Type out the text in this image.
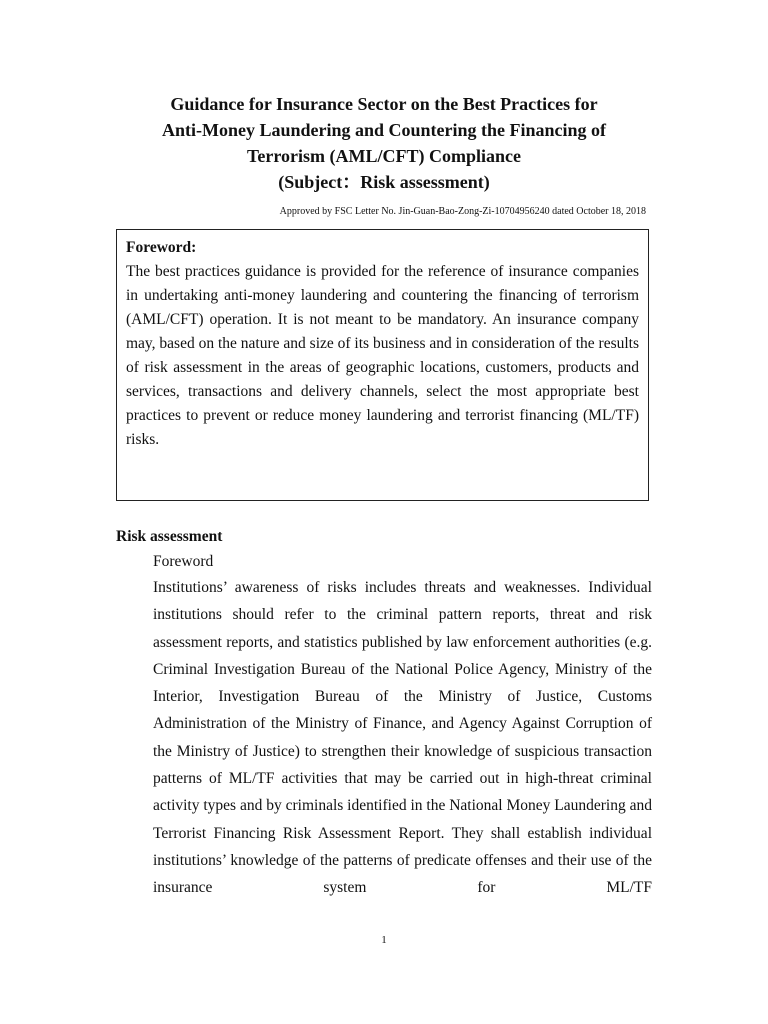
Guidance for Insurance Sector on the Best Practices for
Anti-Money Laundering and Countering the Financing of
Terrorism (AML/CFT) Compliance
(Subject：Risk assessment)
Approved by FSC Letter No. Jin-Guan-Bao-Zong-Zi-10704956240 dated October 18, 2018
Foreword:
The best practices guidance is provided for the reference of insurance companies in undertaking anti-money laundering and countering the financing of terrorism (AML/CFT) operation. It is not meant to be mandatory. An insurance company may, based on the nature and size of its business and in consideration of the results of risk assessment in the areas of geographic locations, customers, products and services, transactions and delivery channels, select the most appropriate best practices to prevent or reduce money laundering and terrorist financing (ML/TF) risks.
Risk assessment
Foreword
Institutions’ awareness of risks includes threats and weaknesses. Individual institutions should refer to the criminal pattern reports, threat and risk assessment reports, and statistics published by law enforcement authorities (e.g. Criminal Investigation Bureau of the National Police Agency, Ministry of the Interior, Investigation Bureau of the Ministry of Justice, Customs Administration of the Ministry of Finance, and Agency Against Corruption of the Ministry of Justice) to strengthen their knowledge of suspicious transaction patterns of ML/TF activities that may be carried out in high-threat criminal activity types and by criminals identified in the National Money Laundering and Terrorist Financing Risk Assessment Report. They shall establish individual institutions’ knowledge of the patterns of predicate offenses and their use of the insurance system for ML/TF
1
